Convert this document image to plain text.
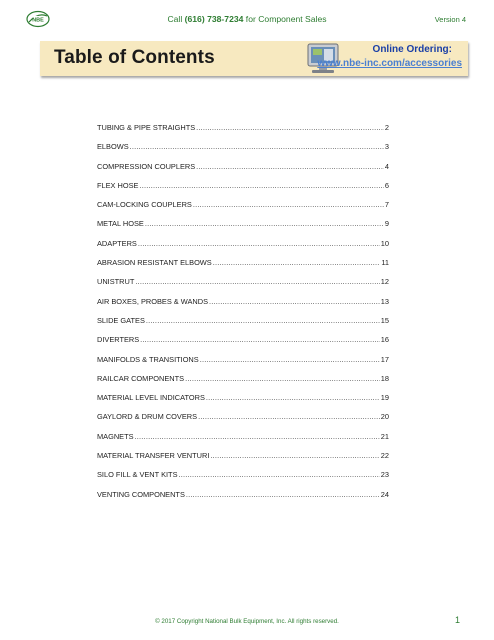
NBE	Call (616) 738-7234 for Component Sales	Version 4
Table of Contents	Online Ordering:
www.nbe-inc.com/accessories
TUBING & PIPE STRAIGHTS .....	2
ELBOWS .....	3
COMPRESSION COUPLERS .....	4
FLEX HOSE .....	6
CAM-LOCKING COUPLERS .....	7
METAL HOSE .....	9
ADAPTERS .....	10
ABRASION RESISTANT ELBOWS .....	11
UNISTRUT .....	12
AIR BOXES, PROBES & WANDS .....	13
SLIDE GATES .....	15
DIVERTERS .....	16
MANIFOLDS & TRANSITIONS .....	17
RAILCAR COMPONENTS .....	18
MATERIAL LEVEL INDICATORS .....	19
GAYLORD & DRUM COVERS .....	20
MAGNETS .....	21
MATERIAL TRANSFER VENTURI .....	22
SILO FILL & VENT KITS .....	23
VENTING COMPONENTS .....	24
© 2017 Copyright National Bulk Equipment, Inc. All rights reserved.	1
